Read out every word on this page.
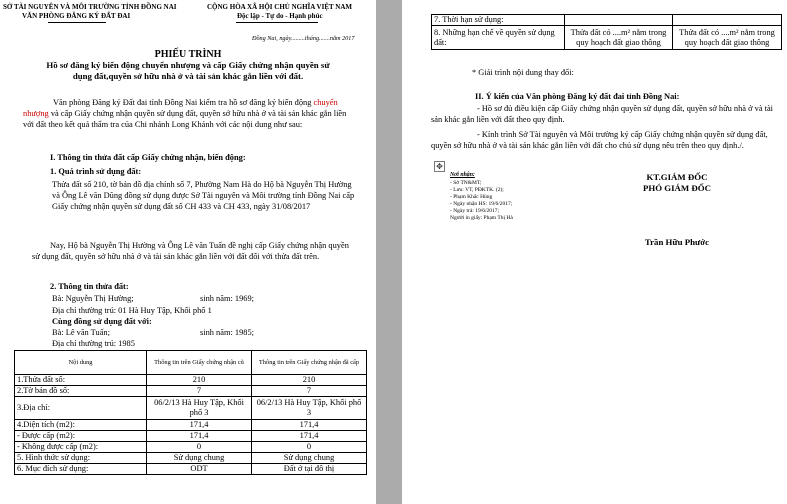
SỞ TÀI NGUYÊN VÀ MÔI TRƯỜNG TỈNH ĐỒNG NAI
VĂN PHÒNG ĐĂNG KÝ ĐẤT ĐAI
CỘNG HÒA XÃ HỘI CHỦ NGHĨA VIỆT NAM
Độc lập - Tự do - Hạnh phúc
Đồng Nai, ngày.........tháng.......năm 2017
PHIẾU TRÌNH
Hồ sơ đăng ký biến động chuyển nhượng và cấp Giấy chứng nhận quyền sử
dụng đất,quyền sở hữu nhà ở và tài sản khác gắn liền với đất.
Văn phòng Đăng ký Đất đai tỉnh Đồng Nai kiểm tra hồ sơ đăng ký biến động chuyển nhượng và cấp Giấy chứng nhận quyền sử dụng đất, quyền sở hữu nhà ở và tài sản khác gắn liền với đất theo kết quả thẩm tra của Chi nhánh Long Khánh với các nội dung như sau:
I. Thông tin thửa đất cấp Giấy chứng nhận, biến động:
1. Quá trình sử dụng đất:
Thửa đất số 210, tờ bản đồ địa chính số 7, Phường Nam Hà do Hộ bà Nguyễn Thị Hường và Ông Lê văn Dũng đồng sử dụng được Sở Tài nguyên và Môi trường tỉnh Đồng Nai cấp Giấy chứng nhận quyền sử dụng đất số CH 433 và CH 433, ngày 31/08/2017
Nay, Hộ bà Nguyễn Thị Hường và Ông Lê văn Tuấn đề nghị cấp Giấy chứng nhận quyền sử dụng đất, quyền sở hữu nhà ở và tài sản khác gắn liền với đất đối với thửa đất trên.
2. Thông tin thửa đất:
Bà: Nguyễn Thị Hường;	sinh năm: 1969;
Địa chỉ thường trú: 01 Hà Huy Tập, Khối phố 1
Cùng đồng sử dụng đất với:
Bà: Lê văn Tuấn;	sinh năm: 1985;
Địa chỉ thường trú: 1985
Nội dung	Thông tin trên Giấy chứng nhận cũ	Thông tin trên Giấy chứng nhận đã cấp
1.Thửa đất số:	210	210
2.Tờ bản đồ số:	7	7
3.Địa chỉ:	06/2/13 Hà Huy Tập, Khối phố 3	06/2/13 Hà Huy Tập, Khối phố 3
4.Diện tích (m2):	171,4	171,4
- Được cấp (m2):	171,4	171,4
- Không được cấp (m2):	0	0
5. Hình thức sử dụng:	Sử dụng chung	Sử dụng chung
6. Mục đích sử dụng:	ODT	Đất ở tại đô thị
7. Thời hạn sử dụng:		
8. Những hạn chế về quyền sử dụng đất:	Thửa đất có ....m² nằm trong quy hoạch đất giao thông	Thửa đất có ....m² nằm trong quy hoạch đất giao thông
* Giải trình nội dung thay đổi:
II. Ý kiến của Văn phòng Đăng ký đất đai tỉnh Đồng Nai:
- Hồ sơ đủ điều kiện cấp Giấy chứng nhận quyền sử dụng đất, quyền sở hữu nhà ở và tài sản khác gắn liền với đất theo quy định.
- Kính trình Sở Tài nguyên và Môi trường ký cấp Giấy chứng nhận quyền sử dụng đất, quyền sở hữu nhà ở và tài sản khác gắn liền với đất cho chủ sử dụng nêu trên theo quy định./.
✥
Nơi nhận:
- Sở TN&MT;
- Lưu: VT, PĐKTK. (2);
- Phạm Khắc Hùng
- Ngày nhận HS: 19/6/2017;
- Ngày trả: 19/6/2017;
Người in giấy: Phạm Thị Hà
KT.GIÁM ĐỐC
PHÓ GIÁM ĐỐC
Trần Hữu Phước
